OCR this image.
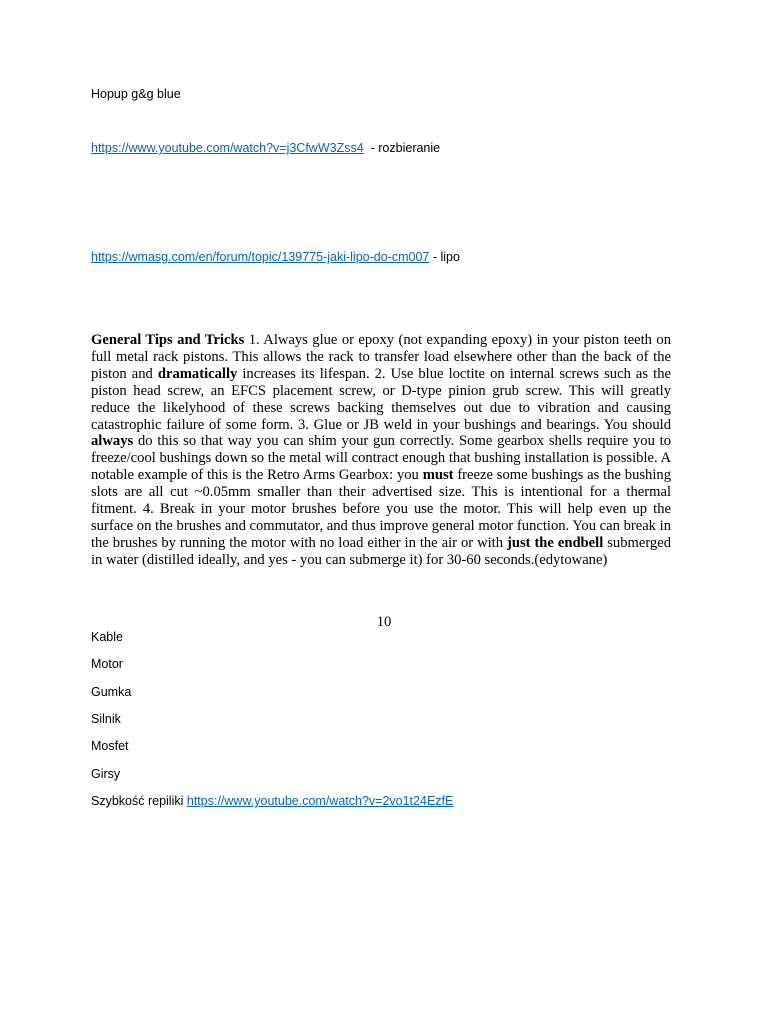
Hopup g&g blue
https://www.youtube.com/watch?v=j3CfwW3Zss4  - rozbieranie
https://wmasg.com/en/forum/topic/139775-jaki-lipo-do-cm007 - lipo

General Tips and Tricks 1. Always glue or epoxy (not expanding epoxy) in your piston teeth on full metal rack pistons. This allows the rack to transfer load elsewhere other than the back of the piston and dramatically increases its lifespan. 2. Use blue loctite on internal screws such as the piston head screw, an EFCS placement screw, or D-type pinion grub screw. This will greatly reduce the likelyhood of these screws backing themselves out due to vibration and causing catastrophic failure of some form. 3. Glue or JB weld in your bushings and bearings. You should always do this so that way you can shim your gun correctly. Some gearbox shells require you to freeze/cool bushings down so the metal will contract enough that bushing installation is possible. A notable example of this is the Retro Arms Gearbox: you must freeze some bushings as the bushing slots are all cut ~0.05mm smaller than their advertised size. This is intentional for a thermal fitment. 4. Break in your motor brushes before you use the motor. This will help even up the surface on the brushes and commutator, and thus improve general motor function. You can break in the brushes by running the motor with no load either in the air or with just the endbell submerged in water (distilled ideally, and yes - you can submerge it) for 30-60 seconds.(edytowane)

10
Kable
Motor
Gumka
Silnik
Mosfet
Girsy
Szybkość repiliki https://www.youtube.com/watch?v=2vo1t24EzfE
